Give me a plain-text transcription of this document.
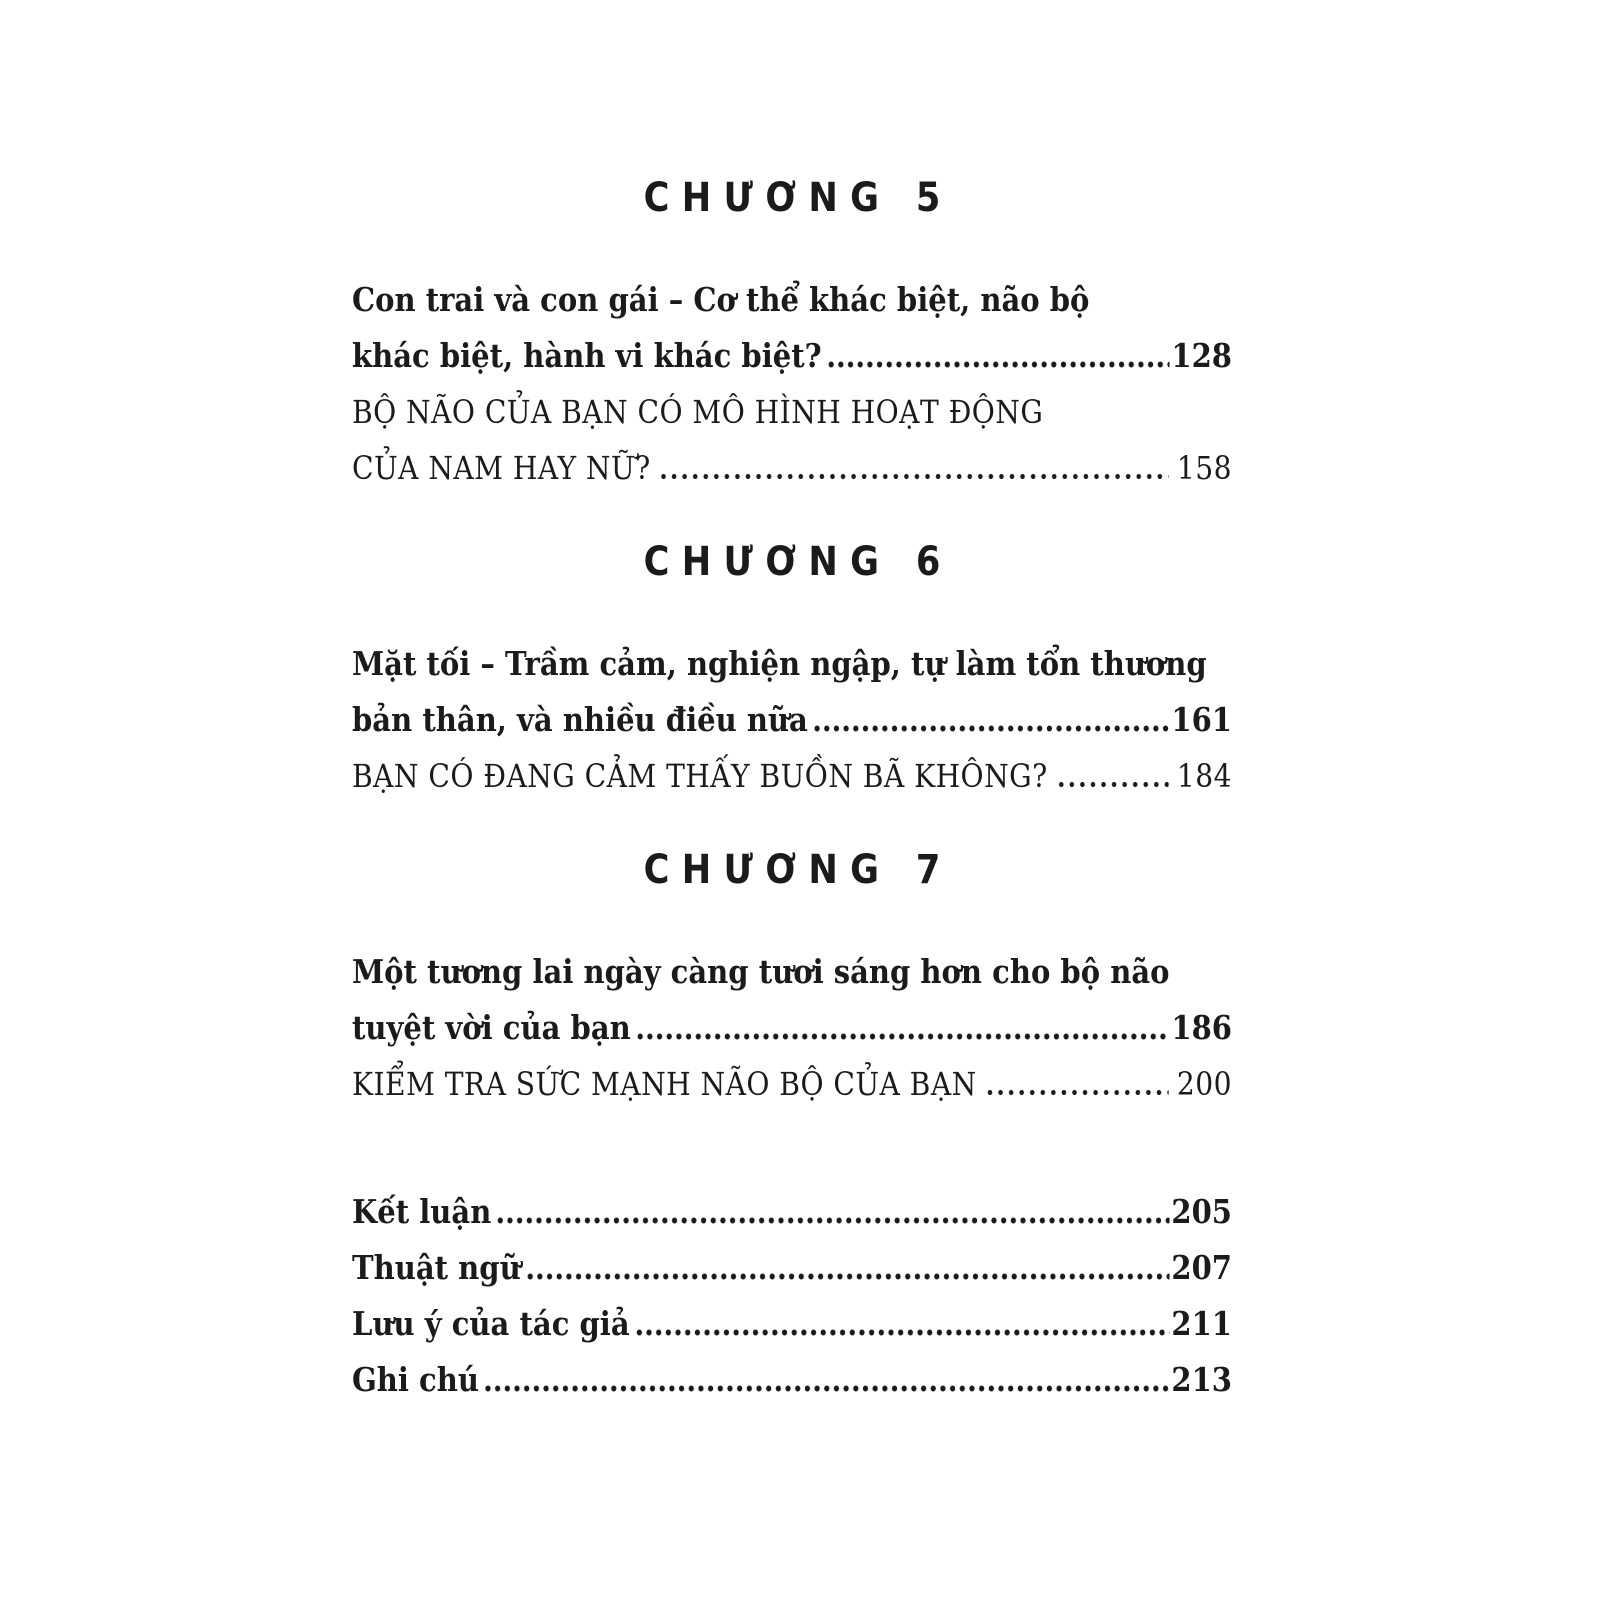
CHƯƠNG 5
Con trai và con gái – Cơ thể khác biệt, não bộ
khác biệt, hành vi khác biệt?	128
BỘ NÃO CỦA BẠN CÓ MÔ HÌNH HOẠT ĐỘNG
CỦA NAM HAY NỮ?	158
CHƯƠNG 6
Mặt tối – Trầm cảm, nghiện ngập, tự làm tổn thương
bản thân, và nhiều điều nữa	161
BẠN CÓ ĐANG CẢM THẤY BUỒN BÃ KHÔNG?	184
CHƯƠNG 7
Một tương lai ngày càng tươi sáng hơn cho bộ não
tuyệt vời của bạn	186
KIỂM TRA SỨC MẠNH NÃO BỘ CỦA BẠN	200
Kết luận	205
Thuật ngữ	207
Lưu ý của tác giả	211
Ghi chú	213
